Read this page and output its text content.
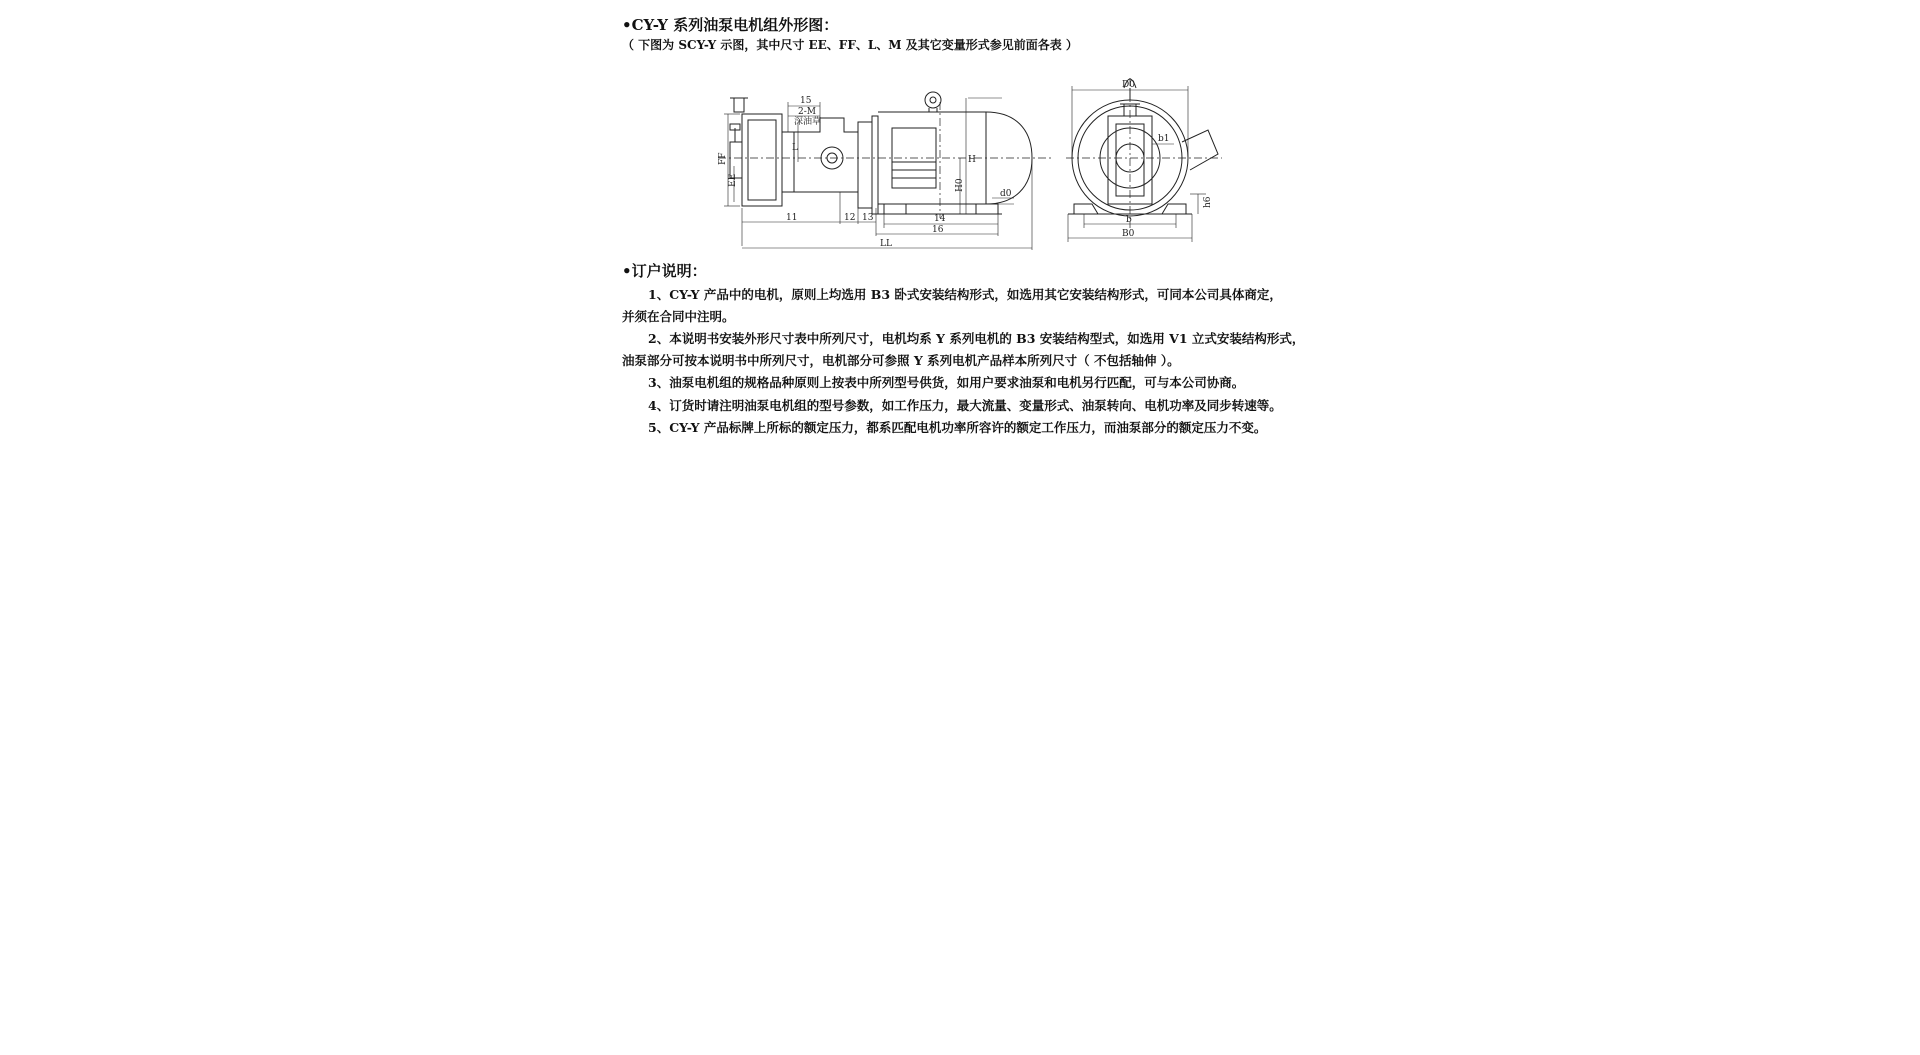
•CY-Y 系列油泵电机组外形图：

（ 下图为 SCY-Y 示图，其中尺寸 EE、FF、L、M 及其它变量形式参见前面各表 ）

15
2-M
深油草
L
FF
EE
H
H0
d0
11	12 13	14
16
LL
D0
b1
h6
b
B0

•订户说明：

1、CY-Y 产品中的电机，原则上均选用 B3 卧式安装结构形式，如选用其它安装结构形式，可同本公司具体商定，
并须在合同中注明。
2、本说明书安装外形尺寸表中所列尺寸，电机均系 Y 系列电机的 B3 安装结构型式，如选用 V1 立式安装结构形式，
油泵部分可按本说明书中所列尺寸，电机部分可参照 Y 系列电机产品样本所列尺寸（ 不包括轴伸 ）。
3、油泵电机组的规格品种原则上按表中所列型号供货，如用户要求油泵和电机另行匹配，可与本公司协商。
4、订货时请注明油泵电机组的型号参数，如工作压力，最大流量、变量形式、油泵转向、电机功率及同步转速等。
5、CY-Y 产品标牌上所标的额定压力，都系匹配电机功率所容许的额定工作压力，而油泵部分的额定压力不变。
